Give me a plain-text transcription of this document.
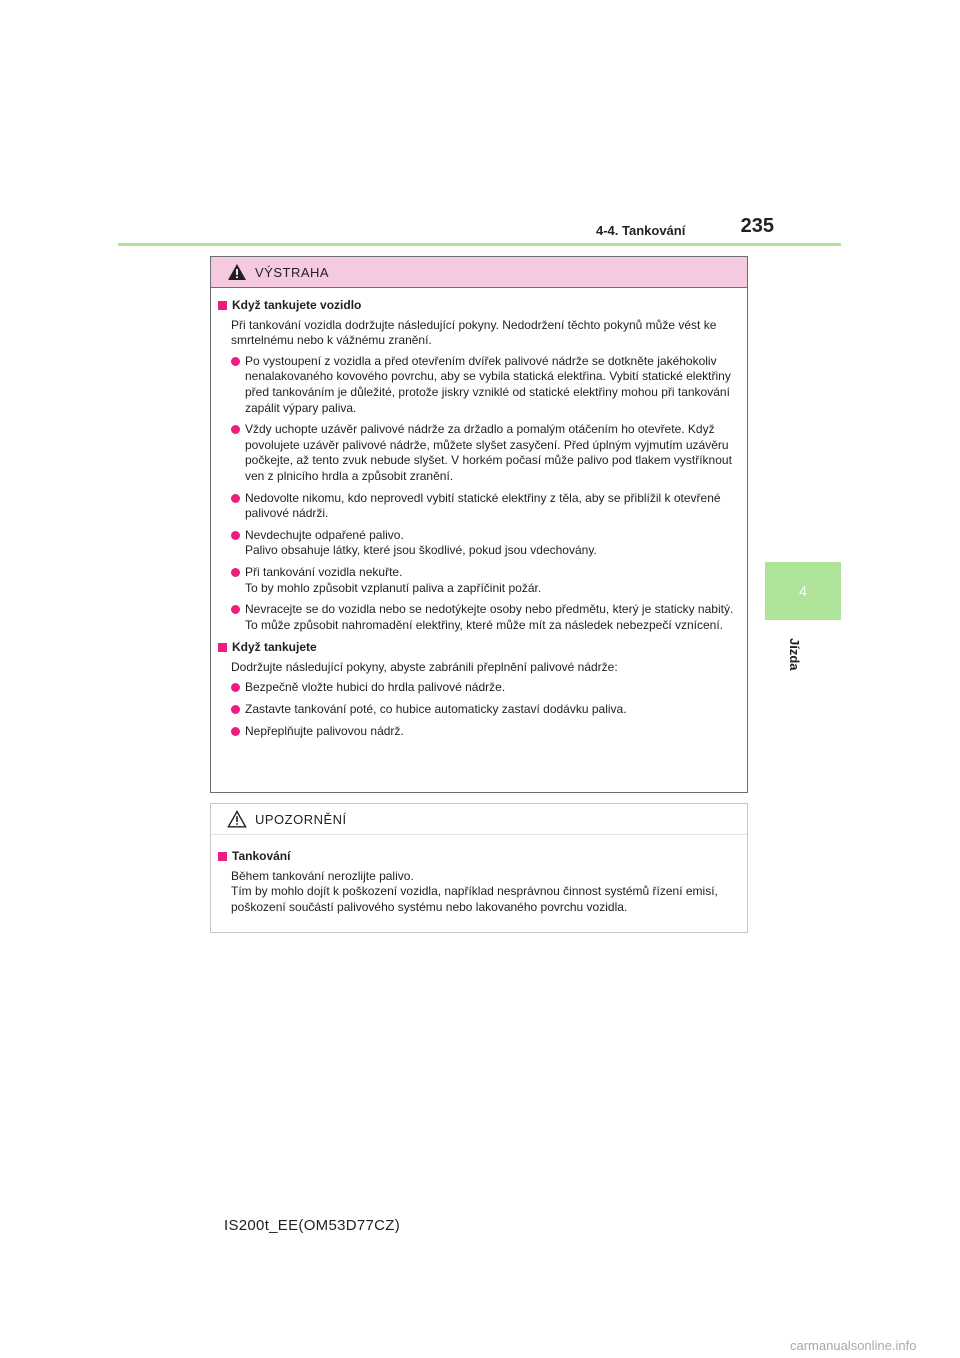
4-4. Tankování	235
4
Jízda
VÝSTRAHA
Když tankujete vozidlo
Při tankování vozidla dodržujte následující pokyny. Nedodržení těchto pokynů může vést ke smrtelnému nebo k vážnému zranění.
Po vystoupení z vozidla a před otevřením dvířek palivové nádrže se dotkněte jakéhokoliv nenalakovaného kovového povrchu, aby se vybila statická elektřina. Vybití statické elektřiny před tankováním je důležité, protože jiskry vzniklé od statické elektřiny mohou při tankování zapálit výpary paliva.
Vždy uchopte uzávěr palivové nádrže za držadlo a pomalým otáčením ho otevřete. Když povolujete uzávěr palivové nádrže, můžete slyšet zasyčení. Před úplným vyjmutím uzávěru počkejte, až tento zvuk nebude slyšet. V horkém počasí může palivo pod tlakem vystříknout ven z plnicího hrdla a způsobit zranění.
Nedovolte nikomu, kdo neprovedl vybití statické elektřiny z těla, aby se přiblížil k otevřené palivové nádrži.
Nevdechujte odpařené palivo.
Palivo obsahuje látky, které jsou škodlivé, pokud jsou vdechovány.
Při tankování vozidla nekuřte.
To by mohlo způsobit vzplanutí paliva a zapříčinit požár.
Nevracejte se do vozidla nebo se nedotýkejte osoby nebo předmětu, který je staticky nabitý.
To může způsobit nahromadění elektřiny, které může mít za následek nebezpečí vznícení.
Když tankujete
Dodržujte následující pokyny, abyste zabránili přeplnění palivové nádrže:
Bezpečně vložte hubici do hrdla palivové nádrže.
Zastavte tankování poté, co hubice automaticky zastaví dodávku paliva.
Nepřeplňujte palivovou nádrž.
UPOZORNĚNÍ
Tankování
Během tankování nerozlijte palivo.
Tím by mohlo dojít k poškození vozidla, například nesprávnou činnost systémů řízení emisí, poškození součástí palivového systému nebo lakovaného povrchu vozidla.
IS200t_EE(OM53D77CZ)
carmanualsonline.info
